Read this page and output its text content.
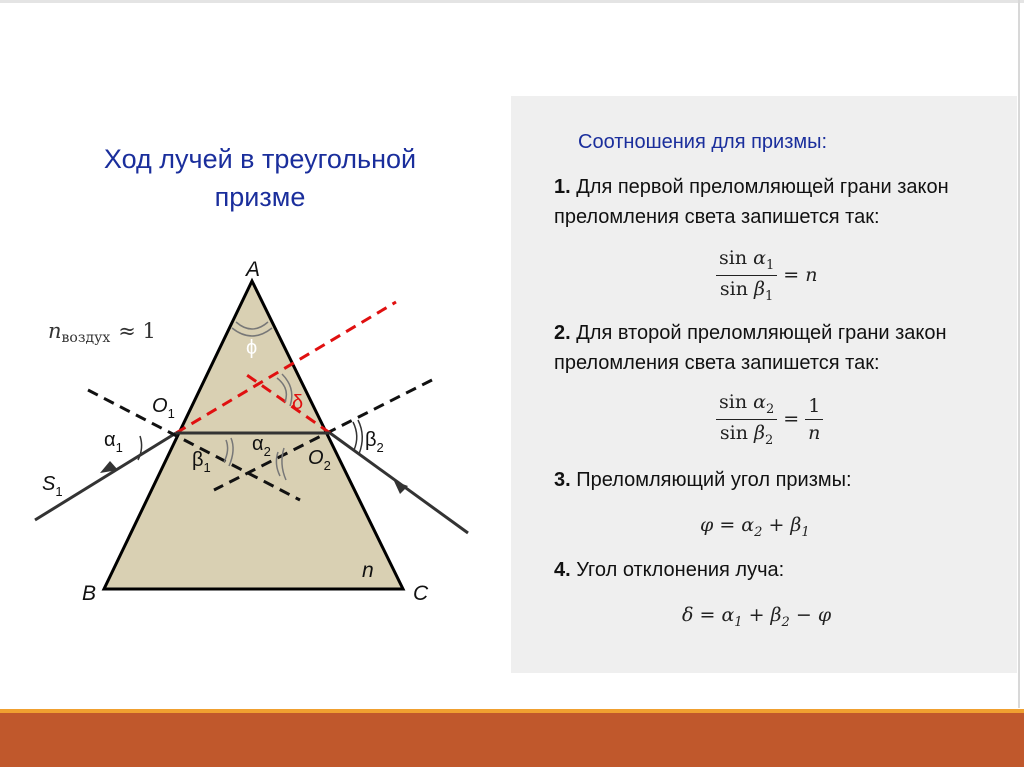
Ход лучей в треугольной
призме
nвоздух ≈ 1
A
B	C
ϕ
δ
$O_1$
$O_2$
$S_1$
$\alpha_1$
$\beta_1$
$\alpha_2$
$\beta_2$
n
Соотношения для призмы:
1. Для первой преломляющей грани закон преломления света запишется так:
$\frac{\sin \alpha_1}{\sin \beta_1} = n$
2. Для второй преломляющей грани закон преломления света запишется так:
$\frac{\sin \alpha_2}{\sin \beta_2} = \frac{1}{n}$
3. Преломляющий угол призмы:
$\varphi = \alpha_2 + \beta_1$
4. Угол отклонения луча:
$\delta = \alpha_1 + \beta_2 - \varphi$
